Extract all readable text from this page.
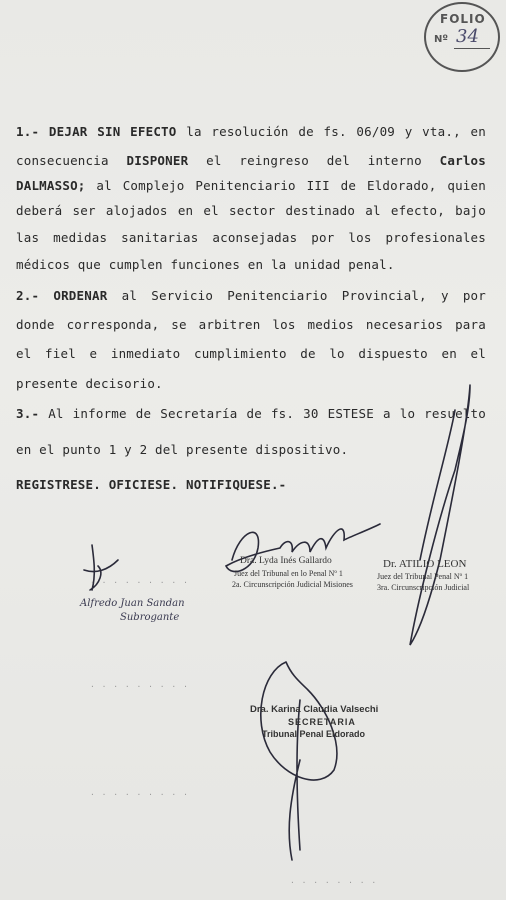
FOLIO
Nº 34
1.- DEJAR SIN EFECTO la resolución de fs. 06/09 y vta., en
consecuencia DISPONER el reingreso del interno Carlos
DALMASSO; al Complejo Penitenciario III de Eldorado, quien
deberá ser alojados en el sector destinado al efecto, bajo
las medidas sanitarias aconsejadas por los profesionales
médicos que cumplen funciones en la unidad penal.
2.- ORDENAR al Servicio Penitenciario Provincial, y por
donde corresponda, se arbitren los medios necesarios para
el fiel e inmediato cumplimiento de lo dispuesto en el
presente decisorio.
3.- Al informe de Secretaría de fs. 30 ESTESE a lo resuelto
en el punto 1 y 2 del presente dispositivo.
REGISTRESE. OFICIESE. NOTIFIQUESE.-
Dra. Lyda Inés Gallardo
Juez del Tribunal en lo Penal Nº 1
2a. Circunscripción Judicial Misiones
Dr. ATILIO LEON
Juez del Tribunal Penal Nº 1
3ra. Circunscripción Judicial
Alfredo Juan Sandan
Subrogante
· · · · · · · · ·
· · · · · · · · ·
· · · · · · · · ·
· · · · · · · ·
Dra. Karina Claudia Valsechi
SECRETARIA
Tribunal Penal Eldorado
